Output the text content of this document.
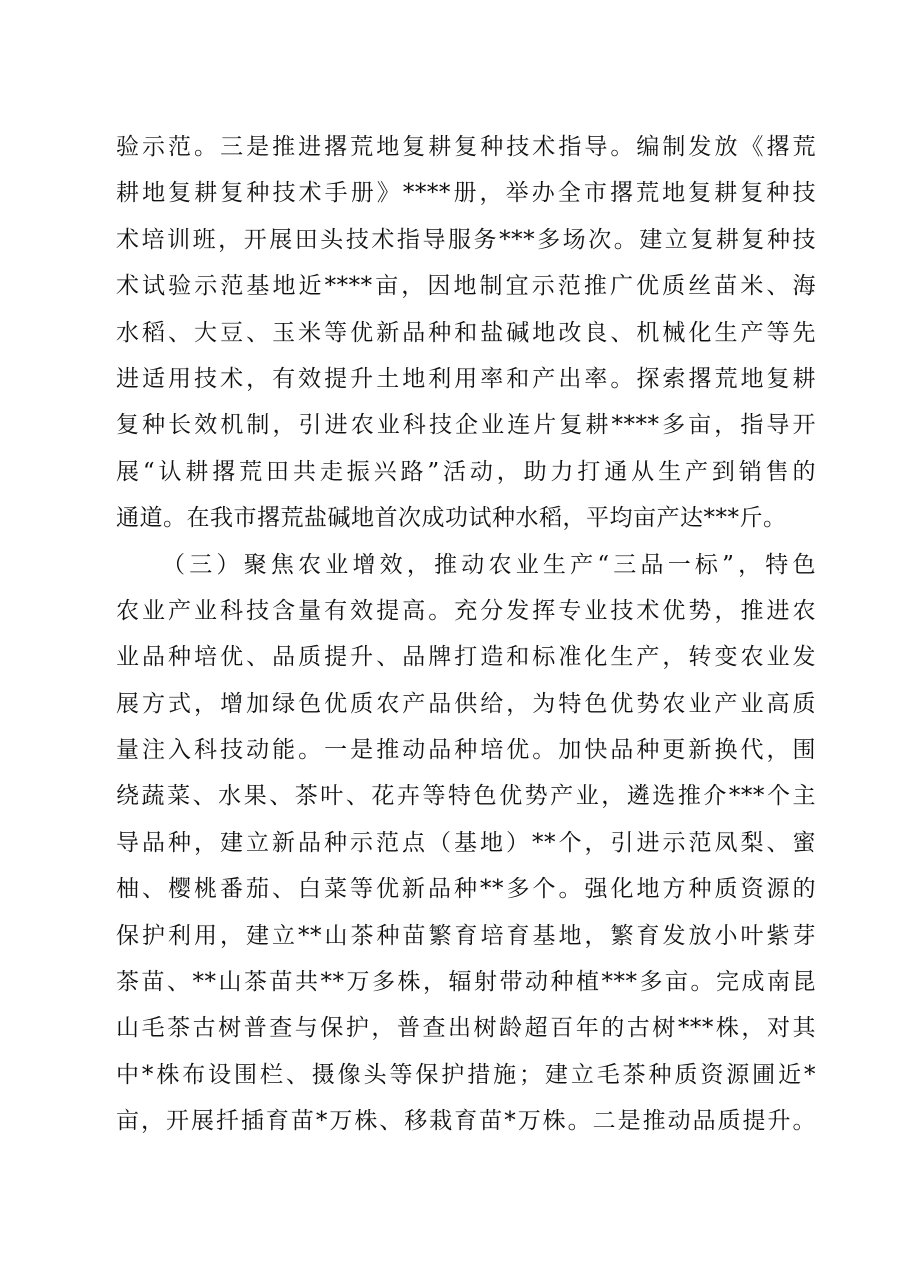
验示范。三是推进撂荒地复耕复种技术指导。编制发放《撂荒
耕地复耕复种技术手册》****册，举办全市撂荒地复耕复种技
术培训班，开展田头技术指导服务***多场次。建立复耕复种技
术试验示范基地近****亩，因地制宜示范推广优质丝苗米、海
水稻、大豆、玉米等优新品种和盐碱地改良、机械化生产等先
进适用技术，有效提升土地利用率和产出率。探索撂荒地复耕
复种长效机制，引进农业科技企业连片复耕****多亩，指导开
展“认耕撂荒田共走振兴路”活动，助力打通从生产到销售的
通道。在我市撂荒盐碱地首次成功试种水稻，平均亩产达***斤。
（三）聚焦农业增效，推动农业生产“三品一标”，特色
农业产业科技含量有效提高。充分发挥专业技术优势，推进农
业品种培优、品质提升、品牌打造和标准化生产，转变农业发
展方式，增加绿色优质农产品供给，为特色优势农业产业高质
量注入科技动能。一是推动品种培优。加快品种更新换代，围
绕蔬菜、水果、茶叶、花卉等特色优势产业，遴选推介***个主
导品种，建立新品种示范点（基地）**个，引进示范凤梨、蜜
柚、樱桃番茄、白菜等优新品种**多个。强化地方种质资源的
保护利用，建立**山茶种苗繁育培育基地，繁育发放小叶紫芽
茶苗、**山茶苗共**万多株，辐射带动种植***多亩。完成南昆
山毛茶古树普查与保护，普查出树龄超百年的古树***株，对其
中*株布设围栏、摄像头等保护措施；建立毛茶种质资源圃近*
亩，开展扦插育苗*万株、移栽育苗*万株。二是推动品质提升。
